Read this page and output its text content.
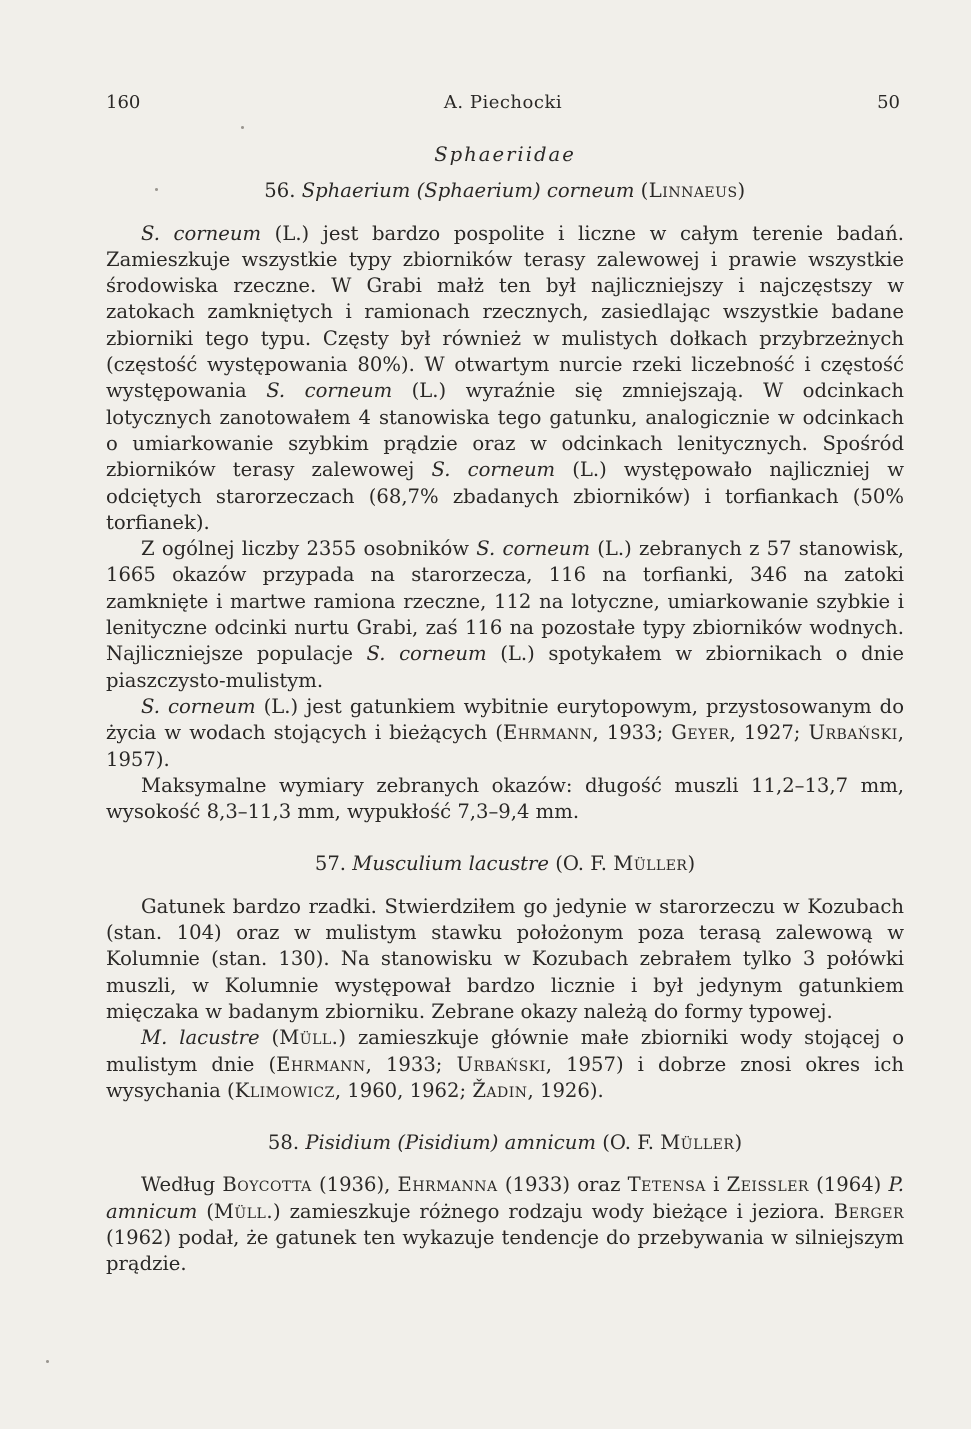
160	A. Piechocki	50

Sphaeriidae

56. Sphaerium (Sphaerium) corneum (Linnaeus)

S. corneum (L.) jest bardzo pospolite i liczne w całym terenie badań. Zamieszkuje wszystkie typy zbiorników terasy zalewowej i prawie wszystkie środowiska rzeczne. W Grabi małż ten był najliczniejszy i najczęstszy w zatokach zamkniętych i ramionach rzecznych, zasiedlając wszystkie badane zbiorniki tego typu. Częsty był również w mulistych dołkach przybrzeżnych (częstość występowania 80%). W otwartym nurcie rzeki liczebność i częstość występowania S. corneum (L.) wyraźnie się zmniejszają. W odcinkach lotycznych zanotowałem 4 stanowiska tego gatunku, analogicznie w odcinkach o umiarkowanie szybkim prądzie oraz w odcinkach lenitycznych. Spośród zbiorników terasy zalewowej S. corneum (L.) występowało najliczniej w odciętych starorzeczach (68,7% zbadanych zbiorników) i torfiankach (50% torfianek).

Z ogólnej liczby 2355 osobników S. corneum (L.) zebranych z 57 stanowisk, 1665 okazów przypada na starorzecza, 116 na torfianki, 346 na zatoki zamknięte i martwe ramiona rzeczne, 112 na lotyczne, umiarkowanie szybkie i lenityczne odcinki nurtu Grabi, zaś 116 na pozostałe typy zbiorników wodnych. Najliczniejsze populacje S. corneum (L.) spotykałem w zbiornikach o dnie piaszczysto-mulistym.

S. corneum (L.) jest gatunkiem wybitnie eurytopowym, przystosowanym do życia w wodach stojących i bieżących (Ehrmann, 1933; Geyer, 1927; Urbański, 1957).

Maksymalne wymiary zebranych okazów: długość muszli 11,2–13,7 mm, wysokość 8,3–11,3 mm, wypukłość 7,3–9,4 mm.

57. Musculium lacustre (O. F. Müller)

Gatunek bardzo rzadki. Stwierdziłem go jedynie w starorzeczu w Kozubach (stan. 104) oraz w mulistym stawku położonym poza terasą zalewową w Kolumnie (stan. 130). Na stanowisku w Kozubach zebrałem tylko 3 połówki muszli, w Kolumnie występował bardzo licznie i był jedynym gatunkiem mięczaka w badanym zbiorniku. Zebrane okazy należą do formy typowej.

M. lacustre (Müll.) zamieszkuje głównie małe zbiorniki wody stojącej o mulistym dnie (Ehrmann, 1933; Urbański, 1957) i dobrze znosi okres ich wysychania (Klimowicz, 1960, 1962; Žadin, 1926).

58. Pisidium (Pisidium) amnicum (O. F. Müller)

Według Boycotta (1936), Ehrmanna (1933) oraz Tetensa i Zeissler (1964) P. amnicum (Müll.) zamieszkuje różnego rodzaju wody bieżące i jeziora. Berger (1962) podał, że gatunek ten wykazuje tendencje do przebywania w silniejszym prądzie.
